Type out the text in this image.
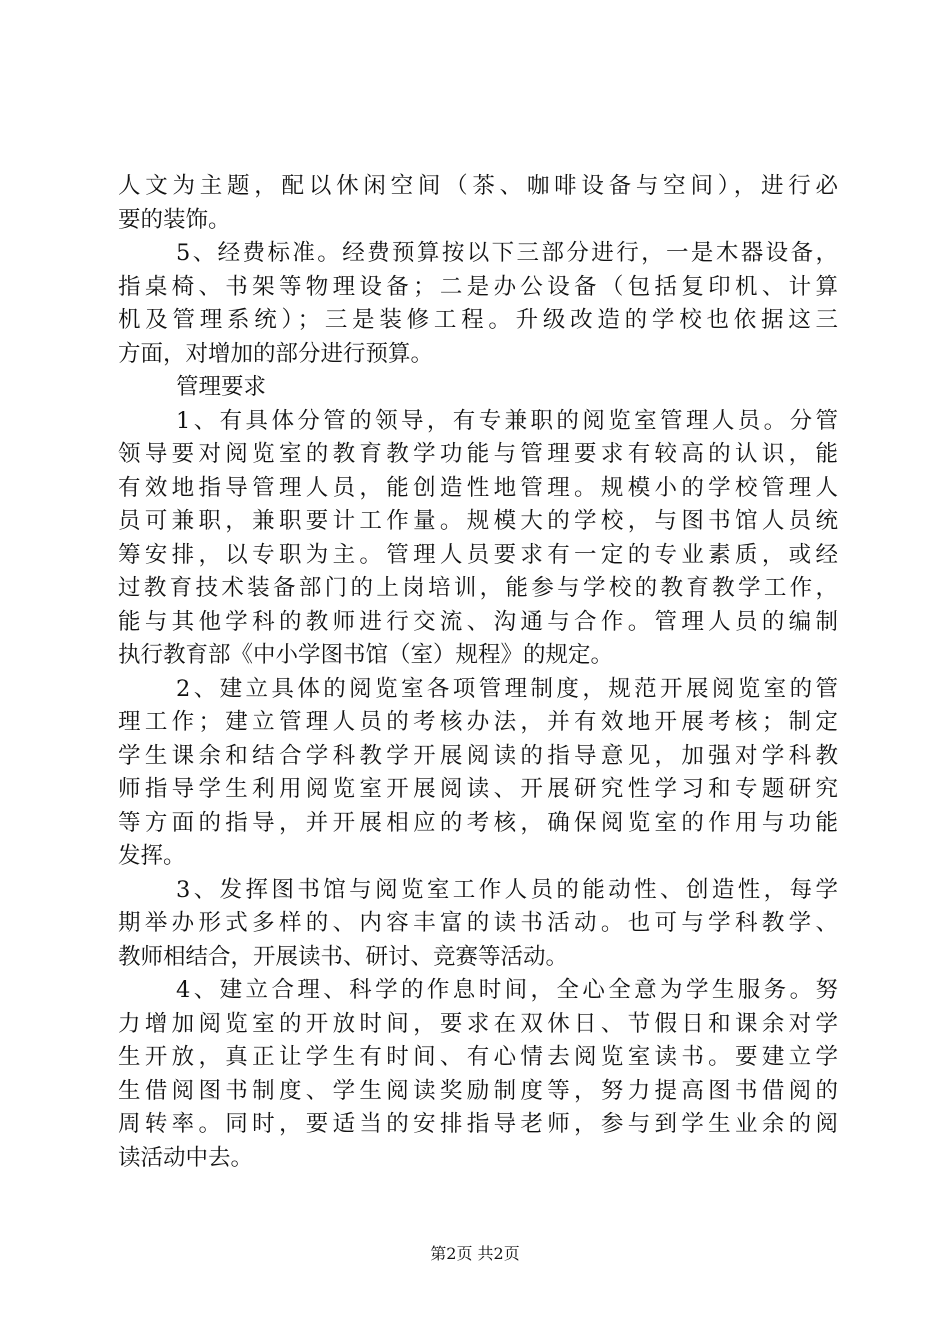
人文为主题，配以休闲空间（茶、咖啡设备与空间），进行必
要的装饰。
5、经费标准。经费预算按以下三部分进行，一是木器设备，
指桌椅、书架等物理设备；二是办公设备（包括复印机、计算
机及管理系统）；三是装修工程。升级改造的学校也依据这三
方面，对增加的部分进行预算。
管理要求
1、有具体分管的领导，有专兼职的阅览室管理人员。分管
领导要对阅览室的教育教学功能与管理要求有较高的认识，能
有效地指导管理人员，能创造性地管理。规模小的学校管理人
员可兼职，兼职要计工作量。规模大的学校，与图书馆人员统
筹安排，以专职为主。管理人员要求有一定的专业素质，或经
过教育技术装备部门的上岗培训，能参与学校的教育教学工作，
能与其他学科的教师进行交流、沟通与合作。管理人员的编制
执行教育部《中小学图书馆（室）规程》的规定。
2、建立具体的阅览室各项管理制度，规范开展阅览室的管
理工作；建立管理人员的考核办法，并有效地开展考核；制定
学生课余和结合学科教学开展阅读的指导意见，加强对学科教
师指导学生利用阅览室开展阅读、开展研究性学习和专题研究
等方面的指导，并开展相应的考核，确保阅览室的作用与功能
发挥。
3、发挥图书馆与阅览室工作人员的能动性、创造性，每学
期举办形式多样的、内容丰富的读书活动。也可与学科教学、
教师相结合，开展读书、研讨、竞赛等活动。
4、建立合理、科学的作息时间，全心全意为学生服务。努
力增加阅览室的开放时间，要求在双休日、节假日和课余对学
生开放，真正让学生有时间、有心情去阅览室读书。要建立学
生借阅图书制度、学生阅读奖励制度等，努力提高图书借阅的
周转率。同时，要适当的安排指导老师，参与到学生业余的阅
读活动中去。
第2页 共2页
